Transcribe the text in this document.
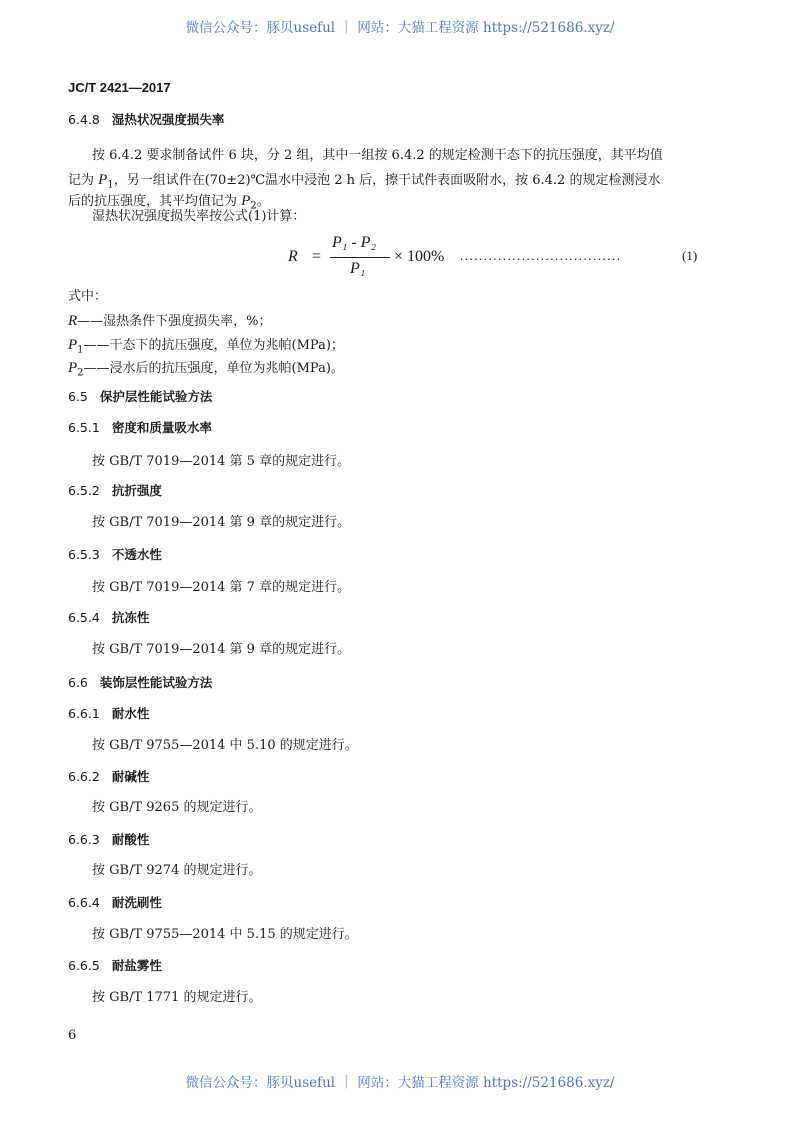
微信公众号：豚贝useful ｜ 网站：大猫工程资源 https://521686.xyz/
JC/T 2421—2017
6.4.8 湿热状况强度损失率
按 6.4.2 要求制备试件 6 块，分 2 组，其中一组按 6.4.2 的规定检测干态下的抗压强度，其平均值
记为 $P_1$，另一组试件在(70±2)℃温水中浸泡 2 h 后，擦干试件表面吸附水，按 6.4.2 的规定检测浸水
后的抗压强度，其平均值记为 $P_2$。
湿热状况强度损失率按公式(1)计算：
R =
P₁ - P₂
P₁
× 100% ..................................	(1)
式中：
R——湿热条件下强度损失率，%；
$P_1——$干态下的抗压强度，单位为兆帕(MPa)；
$P_2——$浸水后的抗压强度，单位为兆帕(MPa)。
6.5 保护层性能试验方法
6.5.1 密度和质量吸水率
按 GB/T 7019—2014 第 5 章的规定进行。
6.5.2 抗折强度
按 GB/T 7019—2014 第 9 章的规定进行。
6.5.3 不透水性
按 GB/T 7019—2014 第 7 章的规定进行。
6.5.4 抗冻性
按 GB/T 7019—2014 第 9 章的规定进行。
6.6 装饰层性能试验方法
6.6.1 耐水性
按 GB/T 9755—2014 中 5.10 的规定进行。
6.6.2 耐碱性
按 GB/T 9265 的规定进行。
6.6.3 耐酸性
按 GB/T 9274 的规定进行。
6.6.4 耐洗刷性
按 GB/T 9755—2014 中 5.15 的规定进行。
6.6.5 耐盐雾性
按 GB/T 1771 的规定进行。
6
微信公众号：豚贝useful ｜ 网站：大猫工程资源 https://521686.xyz/
